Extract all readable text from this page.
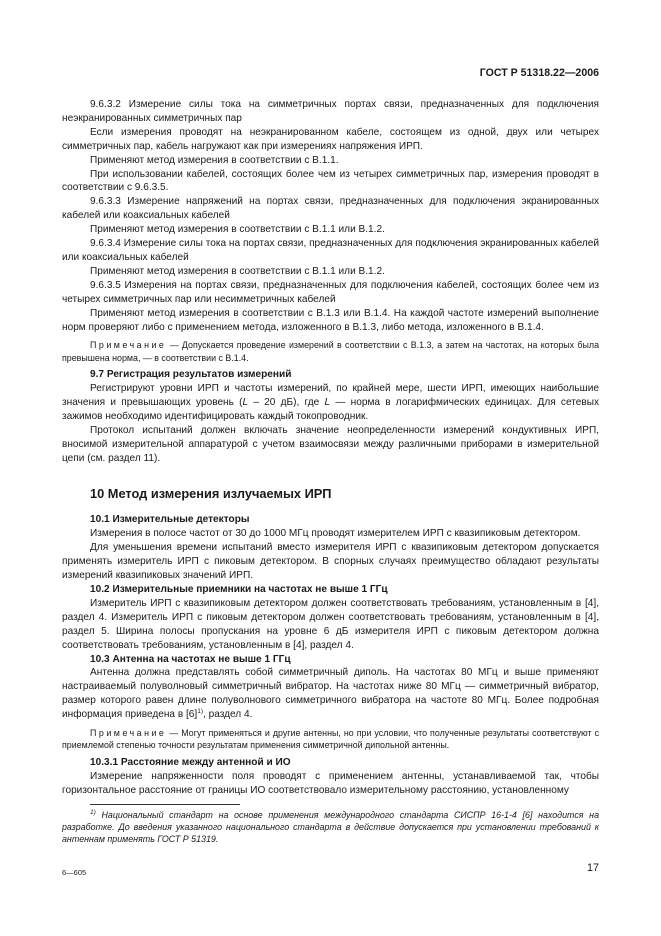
ГОСТ Р 51318.22—2006

9.6.3.2 Измерение силы тока на симметричных портах связи, предназначенных для подключения неэкранированных симметричных пар

Если измерения проводят на неэкранированном кабеле, состоящем из одной, двух или четырех симметричных пар, кабель нагружают как при измерениях напряжения ИРП.

Применяют метод измерения в соответствии с В.1.1.

При использовании кабелей, состоящих более чем из четырех симметричных пар, измерения проводят в соответствии с 9.6.3.5.

9.6.3.3 Измерение напряжений на портах связи, предназначенных для подключения экранированных кабелей или коаксиальных кабелей

Применяют метод измерения в соответствии с В.1.1 или В.1.2.

9.6.3.4 Измерение силы тока на портах связи, предназначенных для подключения экранированных кабелей или коаксиальных кабелей

Применяют метод измерения в соответствии с В.1.1 или В.1.2.

9.6.3.5 Измерения на портах связи, предназначенных для подключения кабелей, состоящих более чем из четырех симметричных пар или несимметричных кабелей

Применяют метод измерения в соответствии с В.1.3 или В.1.4. На каждой частоте измерений выполнение норм проверяют либо с применением метода, изложенного в В.1.3, либо метода, изложенного в В.1.4.

Примечание — Допускается проведение измерений в соответствии с В.1.3, а затем на частотах, на которых была превышена норма, — в соответствии с В.1.4.

9.7 Регистрация результатов измерений

Регистрируют уровни ИРП и частоты измерений, по крайней мере, шести ИРП, имеющих наибольшие значения и превышающих уровень (L – 20 дБ), где L — норма в логарифмических единицах. Для сетевых зажимов необходимо идентифицировать каждый токопроводник.

Протокол испытаний должен включать значение неопределенности измерений кондуктивных ИРП, вносимой измерительной аппаратурой с учетом взаимосвязи между различными приборами в измерительной цепи (см. раздел 11).

10 Метод измерения излучаемых ИРП

10.1 Измерительные детекторы

Измерения в полосе частот от 30 до 1000 МГц проводят измерителем ИРП с квазипиковым детектором.

Для уменьшения времени испытаний вместо измерителя ИРП с квазипиковым детектором допускается применять измеритель ИРП с пиковым детектором. В спорных случаях преимущество обладают результаты измерений квазипиковых значений ИРП.

10.2 Измерительные приемники на частотах не выше 1 ГГц

Измеритель ИРП с квазипиковым детектором должен соответствовать требованиям, установленным в [4], раздел 4. Измеритель ИРП с пиковым детектором должен соответствовать требованиям, установленным в [4], раздел 5. Ширина полосы пропускания на уровне 6 дБ измерителя ИРП с пиковым детектором должна соответствовать требованиям, установленным в [4], раздел 4.

10.3 Антенна на частотах не выше 1 ГГц

Антенна должна представлять собой симметричный диполь. На частотах 80 МГц и выше применяют настраиваемый полуволновый симметричный вибратор. На частотах ниже 80 МГц — симметричный вибратор, размер которого равен длине полуволнового симметричного вибратора на частоте 80 МГц. Более подробная информация приведена в $[6]^{1)}$, раздел 4.

Примечание — Могут применяться и другие антенны, но при условии, что полученные результаты соответствуют с приемлемой степенью точности результатам применения симметричной дипольной антенны.

10.3.1 Расстояние между антенной и ИО

Измерение напряженности поля проводят с применением антенны, устанавливаемой так, чтобы горизонтальное расстояние от границы ИО соответствовало измерительному расстоянию, установленному

$^{1)}$ Национальный стандарт на основе применения международного стандарта СИСПР 16-1-4 [6] находится на разработке. До введения указанного национального стандарта в действие допускается при установлении требований к антеннам применять ГОСТ Р 51319.

6—605	17
